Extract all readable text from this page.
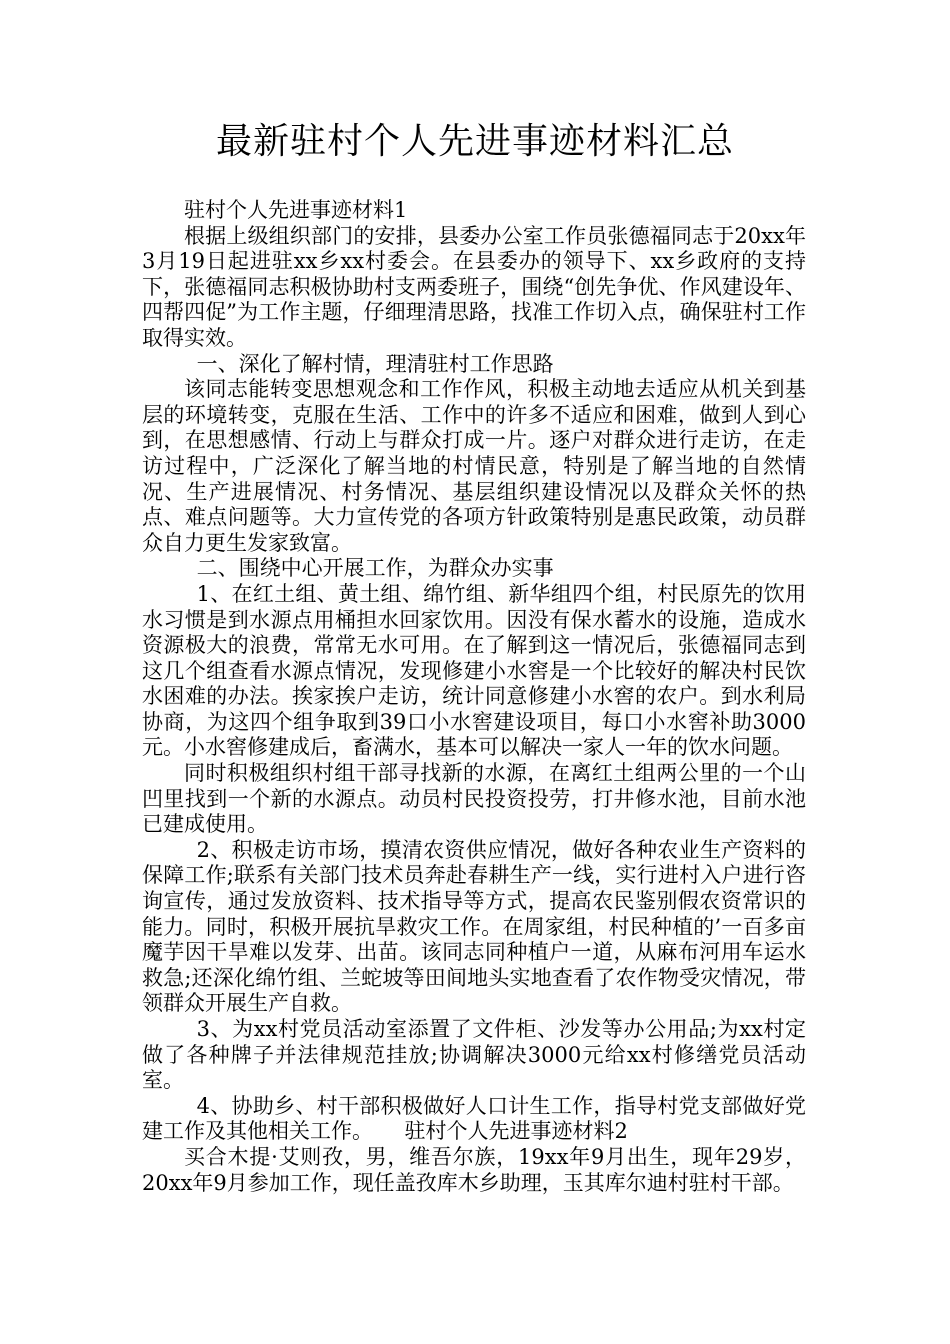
最新驻村个人先进事迹材料汇总

驻村个人先进事迹材料1

根据上级组织部门的安排，县委办公室工作员张德福同志于20xx年3月19日起进驻xx乡xx村委会。在县委办的领导下、xx乡政府的支持下，张德福同志积极协助村支两委班子，围绕“创先争优、作风建设年、四帮四促”为工作主题，仔细理清思路，找准工作切入点，确保驻村工作取得实效。

一、深化了解村情，理清驻村工作思路

该同志能转变思想观念和工作作风，积极主动地去适应从机关到基层的环境转变，克服在生活、工作中的许多不适应和困难，做到人到心到，在思想感情、行动上与群众打成一片。逐户对群众进行走访，在走访过程中，广泛深化了解当地的村情民意，特别是了解当地的自然情况、生产进展情况、村务情况、基层组织建设情况以及群众关怀的热点、难点问题等。大力宣传党的各项方针政策特别是惠民政策，动员群众自力更生发家致富。

二、围绕中心开展工作，为群众办实事

1、在红土组、黄土组、绵竹组、新华组四个组，村民原先的饮用水习惯是到水源点用桶担水回家饮用。因没有保水蓄水的设施，造成水资源极大的浪费，常常无水可用。在了解到这一情况后，张德福同志到这几个组查看水源点情况，发现修建小水窖是一个比较好的解决村民饮水困难的办法。挨家挨户走访，统计同意修建小水窖的农户。到水利局协商，为这四个组争取到39口小水窖建设项目，每口小水窖补助3000元。小水窖修建成后，畜满水，基本可以解决一家人一年的饮水问题。

同时积极组织村组干部寻找新的水源，在离红土组两公里的一个山凹里找到一个新的水源点。动员村民投资投劳，打井修水池，目前水池已建成使用。

2、积极走访市场，摸清农资供应情况，做好各种农业生产资料的保障工作;联系有关部门技术员奔赴春耕生产一线，实行进村入户进行咨询宣传，通过发放资料、技术指导等方式，提高农民鉴别假农资常识的能力。同时，积极开展抗旱救灾工作。在周家组，村民种植的’一百多亩魔芋因干旱难以发芽、出苗。该同志同种植户一道，从麻布河用车运水救急;还深化绵竹组、兰蛇坡等田间地头实地查看了农作物受灾情况，带领群众开展生产自救。

3、为xx村党员活动室添置了文件柜、沙发等办公用品;为xx村定做了各种牌子并法律规范挂放;协调解决3000元给xx村修缮党员活动室。

4、协助乡、村干部积极做好人口计生工作，指导村党支部做好党建工作及其他相关工作。　　驻村个人先进事迹材料2

买合木提·艾则孜，男，维吾尔族，19xx年9月出生，现年29岁，20xx年9月参加工作，现任盖孜库木乡助理，玉其库尔迪村驻村干部。
